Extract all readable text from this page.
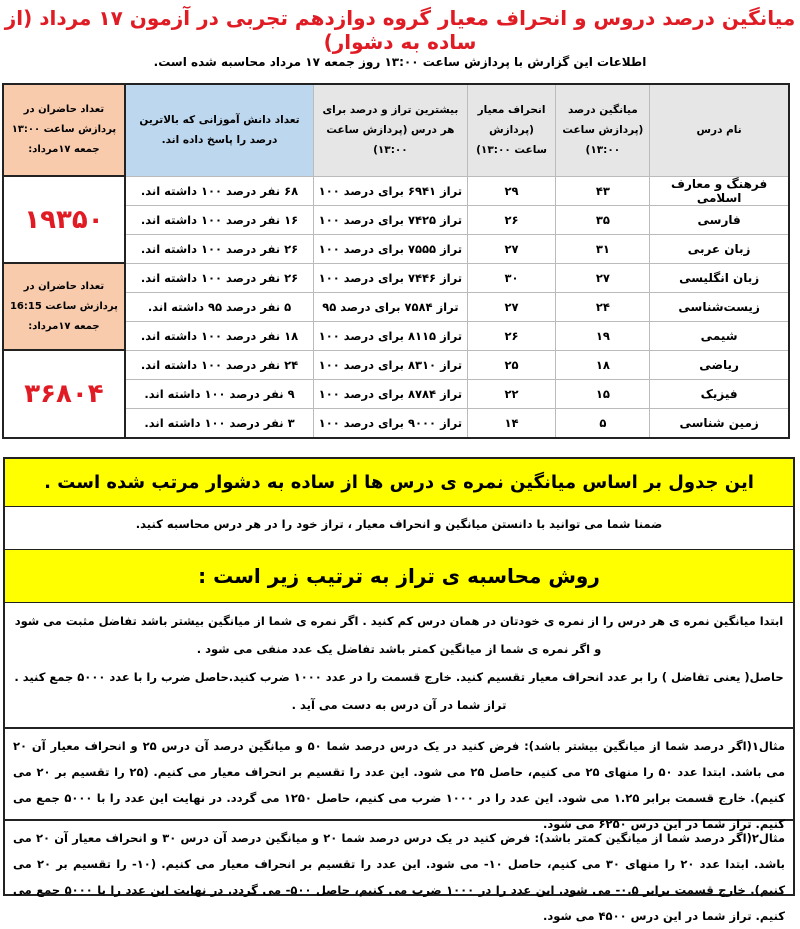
میانگین درصد دروس و انحراف معیار گروه دوازدهم تجربی در آزمون ۱۷ مرداد (از ساده به دشوار)
اطلاعات این گزارش با پردازش ساعت ۱۳:۰۰ روز جمعه ۱۷ مرداد محاسبه شده است.
نام درس	میانگین درصد (پردازش ساعت ۱۳:۰۰)	انحراف معیار (پردازش ساعت ۱۳:۰۰)	بیشترین تراز و درصد برای هر درس (پردازش ساعت ۱۳:۰۰)	تعداد دانش آموزانی که بالاترین درصد را پاسخ داده اند.	تعداد حاضران در پردازش ساعت ۱۳:۰۰ جمعه ۱۷مرداد:
فرهنگ و معارف اسلامی	۴۳	۲۹	تراز ۶۹۴۱ برای درصد ۱۰۰	۶۸ نفر درصد ۱۰۰ داشته اند.	۱۹۳۵۰
فارسی	۳۵	۲۶	تراز ۷۴۲۵ برای درصد ۱۰۰	۱۶ نفر درصد ۱۰۰ داشته اند.	
زبان عربی	۳۱	۲۷	تراز ۷۵۵۵ برای درصد ۱۰۰	۲۶ نفر درصد ۱۰۰ داشته اند.	
زبان انگلیسی	۲۷	۳۰	تراز ۷۴۴۶ برای درصد ۱۰۰	۲۶ نفر درصد ۱۰۰ داشته اند.	تعداد حاضران در پردازش ساعت 16:15 جمعه ۱۷مرداد:
زیست‌شناسی	۲۴	۲۷	تراز ۷۵۸۴ برای درصد ۹۵	۵ نفر درصد ۹۵ داشته اند.	
شیمی	۱۹	۲۶	تراز ۸۱۱۵ برای درصد ۱۰۰	۱۸ نفر درصد ۱۰۰ داشته اند.	
ریاضی	۱۸	۲۵	تراز ۸۳۱۰ برای درصد ۱۰۰	۲۴ نفر درصد ۱۰۰ داشته اند.	۳۶۸۰۴
فیزیک	۱۵	۲۲	تراز ۸۷۸۴ برای درصد ۱۰۰	۹ نفر درصد ۱۰۰ داشته اند.	
زمین شناسی	۵	۱۴	تراز ۹۰۰۰ برای درصد ۱۰۰	۳ نفر درصد ۱۰۰ داشته اند.	
این جدول بر اساس میانگین نمره ی درس ها از ساده به دشوار مرتب شده است .
ضمنا شما می توانید با دانستن میانگین و انحراف معیار ، تراز خود را در هر درس محاسبه کنید.
روش محاسبه ی تراز به ترتیب زیر است :
ابتدا میانگین نمره ی هر درس را از نمره ی خودتان در همان درس کم کنید . اگر نمره ی شما از میانگین بیشتر باشد تفاضل مثبت می شود و اگر نمره ی شما از میانگین کمتر باشد تفاضل یک عدد منفی می شود .
حاصل( یعنی تفاضل ) را بر عدد انحراف معیار تقسیم کنید. خارج قسمت را در عدد ۱۰۰۰ ضرب کنید.حاصل ضرب را با عدد ۵۰۰۰ جمع کنید . تراز شما در آن درس به دست می آید .
مثال۱(اگر درصد شما از میانگین بیشتر باشد): فرض کنید در یک درس درصد شما ۵۰ و میانگین درصد آن درس ۲۵ و انحراف معیار آن ۲۰ می باشد. ابتدا عدد ۵۰ را منهای ۲۵ می کنیم، حاصل ۲۵ می شود. این عدد را تقسیم بر انحراف معیار می کنیم. (۲۵ را تقسیم بر ۲۰ می کنیم). خارج قسمت برابر ۱.۲۵ می شود. این عدد را در ۱۰۰۰ ضرب می کنیم، حاصل ۱۲۵۰ می گردد. در نهایت این عدد را با ۵۰۰۰ جمع می کنیم. تراز شما در این درس ۶۲۵۰ می شود.
مثال۲(اگر درصد شما از میانگین کمتر باشد): فرض کنید در یک درس درصد شما ۲۰ و میانگین درصد آن درس ۳۰ و انحراف معیار آن ۲۰ می باشد. ابتدا عدد ۲۰ را منهای ۳۰ می کنیم، حاصل ۱۰- می شود. این عدد را تقسیم بر انحراف معیار می کنیم. (۱۰- را تقسیم بر ۲۰ می کنیم). خارج قسمت برابر ۰.۵- می شود. این عدد را در ۱۰۰۰ ضرب می کنیم، حاصل ۵۰۰- می گردد. در نهایت این عدد را با ۵۰۰۰ جمع می کنیم. تراز شما در این درس ۴۵۰۰ می شود.
